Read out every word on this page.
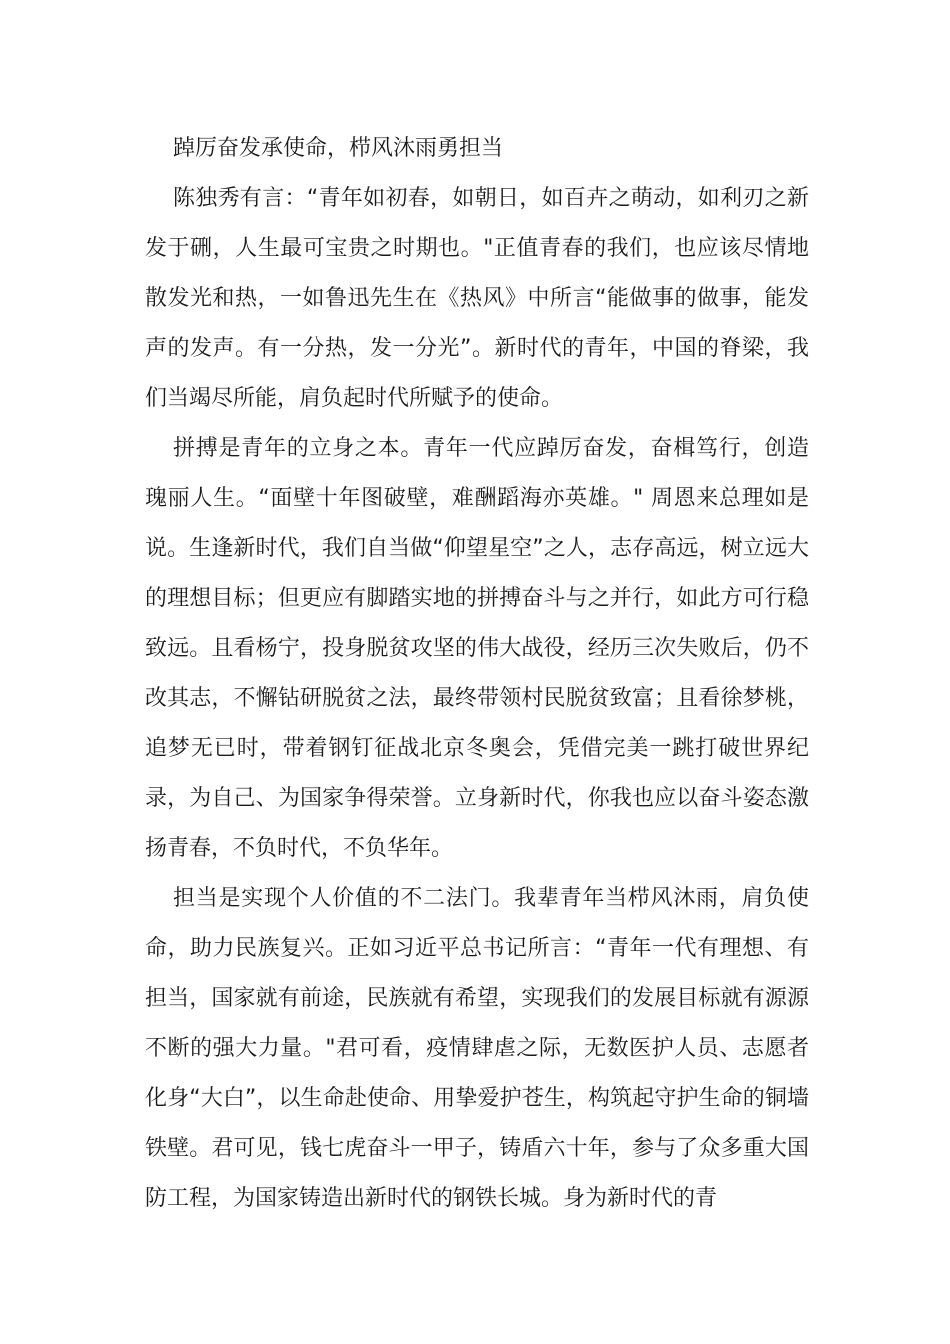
踔厉奋发承使命，栉风沐雨勇担当

陈独秀有言：“青年如初春，如朝日，如百卉之萌动，如利刃之新发于硎，人生最可宝贵之时期也。"正值青春的我们，也应该尽情地散发光和热，一如鲁迅先生在《热风》中所言“能做事的做事，能发声的发声。有一分热，发一分光”。新时代的青年，中国的脊梁，我们当竭尽所能，肩负起时代所赋予的使命。

拼搏是青年的立身之本。青年一代应踔厉奋发，奋楫笃行，创造瑰丽人生。“面壁十年图破壁，难酬蹈海亦英雄。" 周恩来总理如是说。生逢新时代，我们自当做“仰望星空”之人，志存高远，树立远大的理想目标；但更应有脚踏实地的拼搏奋斗与之并行，如此方可行稳致远。且看杨宁，投身脱贫攻坚的伟大战役，经历三次失败后，仍不改其志，不懈钻研脱贫之法，最终带领村民脱贫致富；且看徐梦桃，追梦无已时，带着钢钉征战北京冬奥会，凭借完美一跳打破世界纪录，为自己、为国家争得荣誉。立身新时代，你我也应以奋斗姿态激扬青春，不负时代，不负华年。

担当是实现个人价值的不二法门。我辈青年当栉风沐雨，肩负使命，助力民族复兴。正如习近平总书记所言：“青年一代有理想、有担当，国家就有前途，民族就有希望，实现我们的发展目标就有源源不断的强大力量。"君可看，疫情肆虐之际，无数医护人员、志愿者化身“大白”，以生命赴使命、用挚爱护苍生，构筑起守护生命的铜墙铁壁。君可见，钱七虎奋斗一甲子，铸盾六十年，参与了众多重大国防工程，为国家铸造出新时代的钢铁长城。身为新时代的青
